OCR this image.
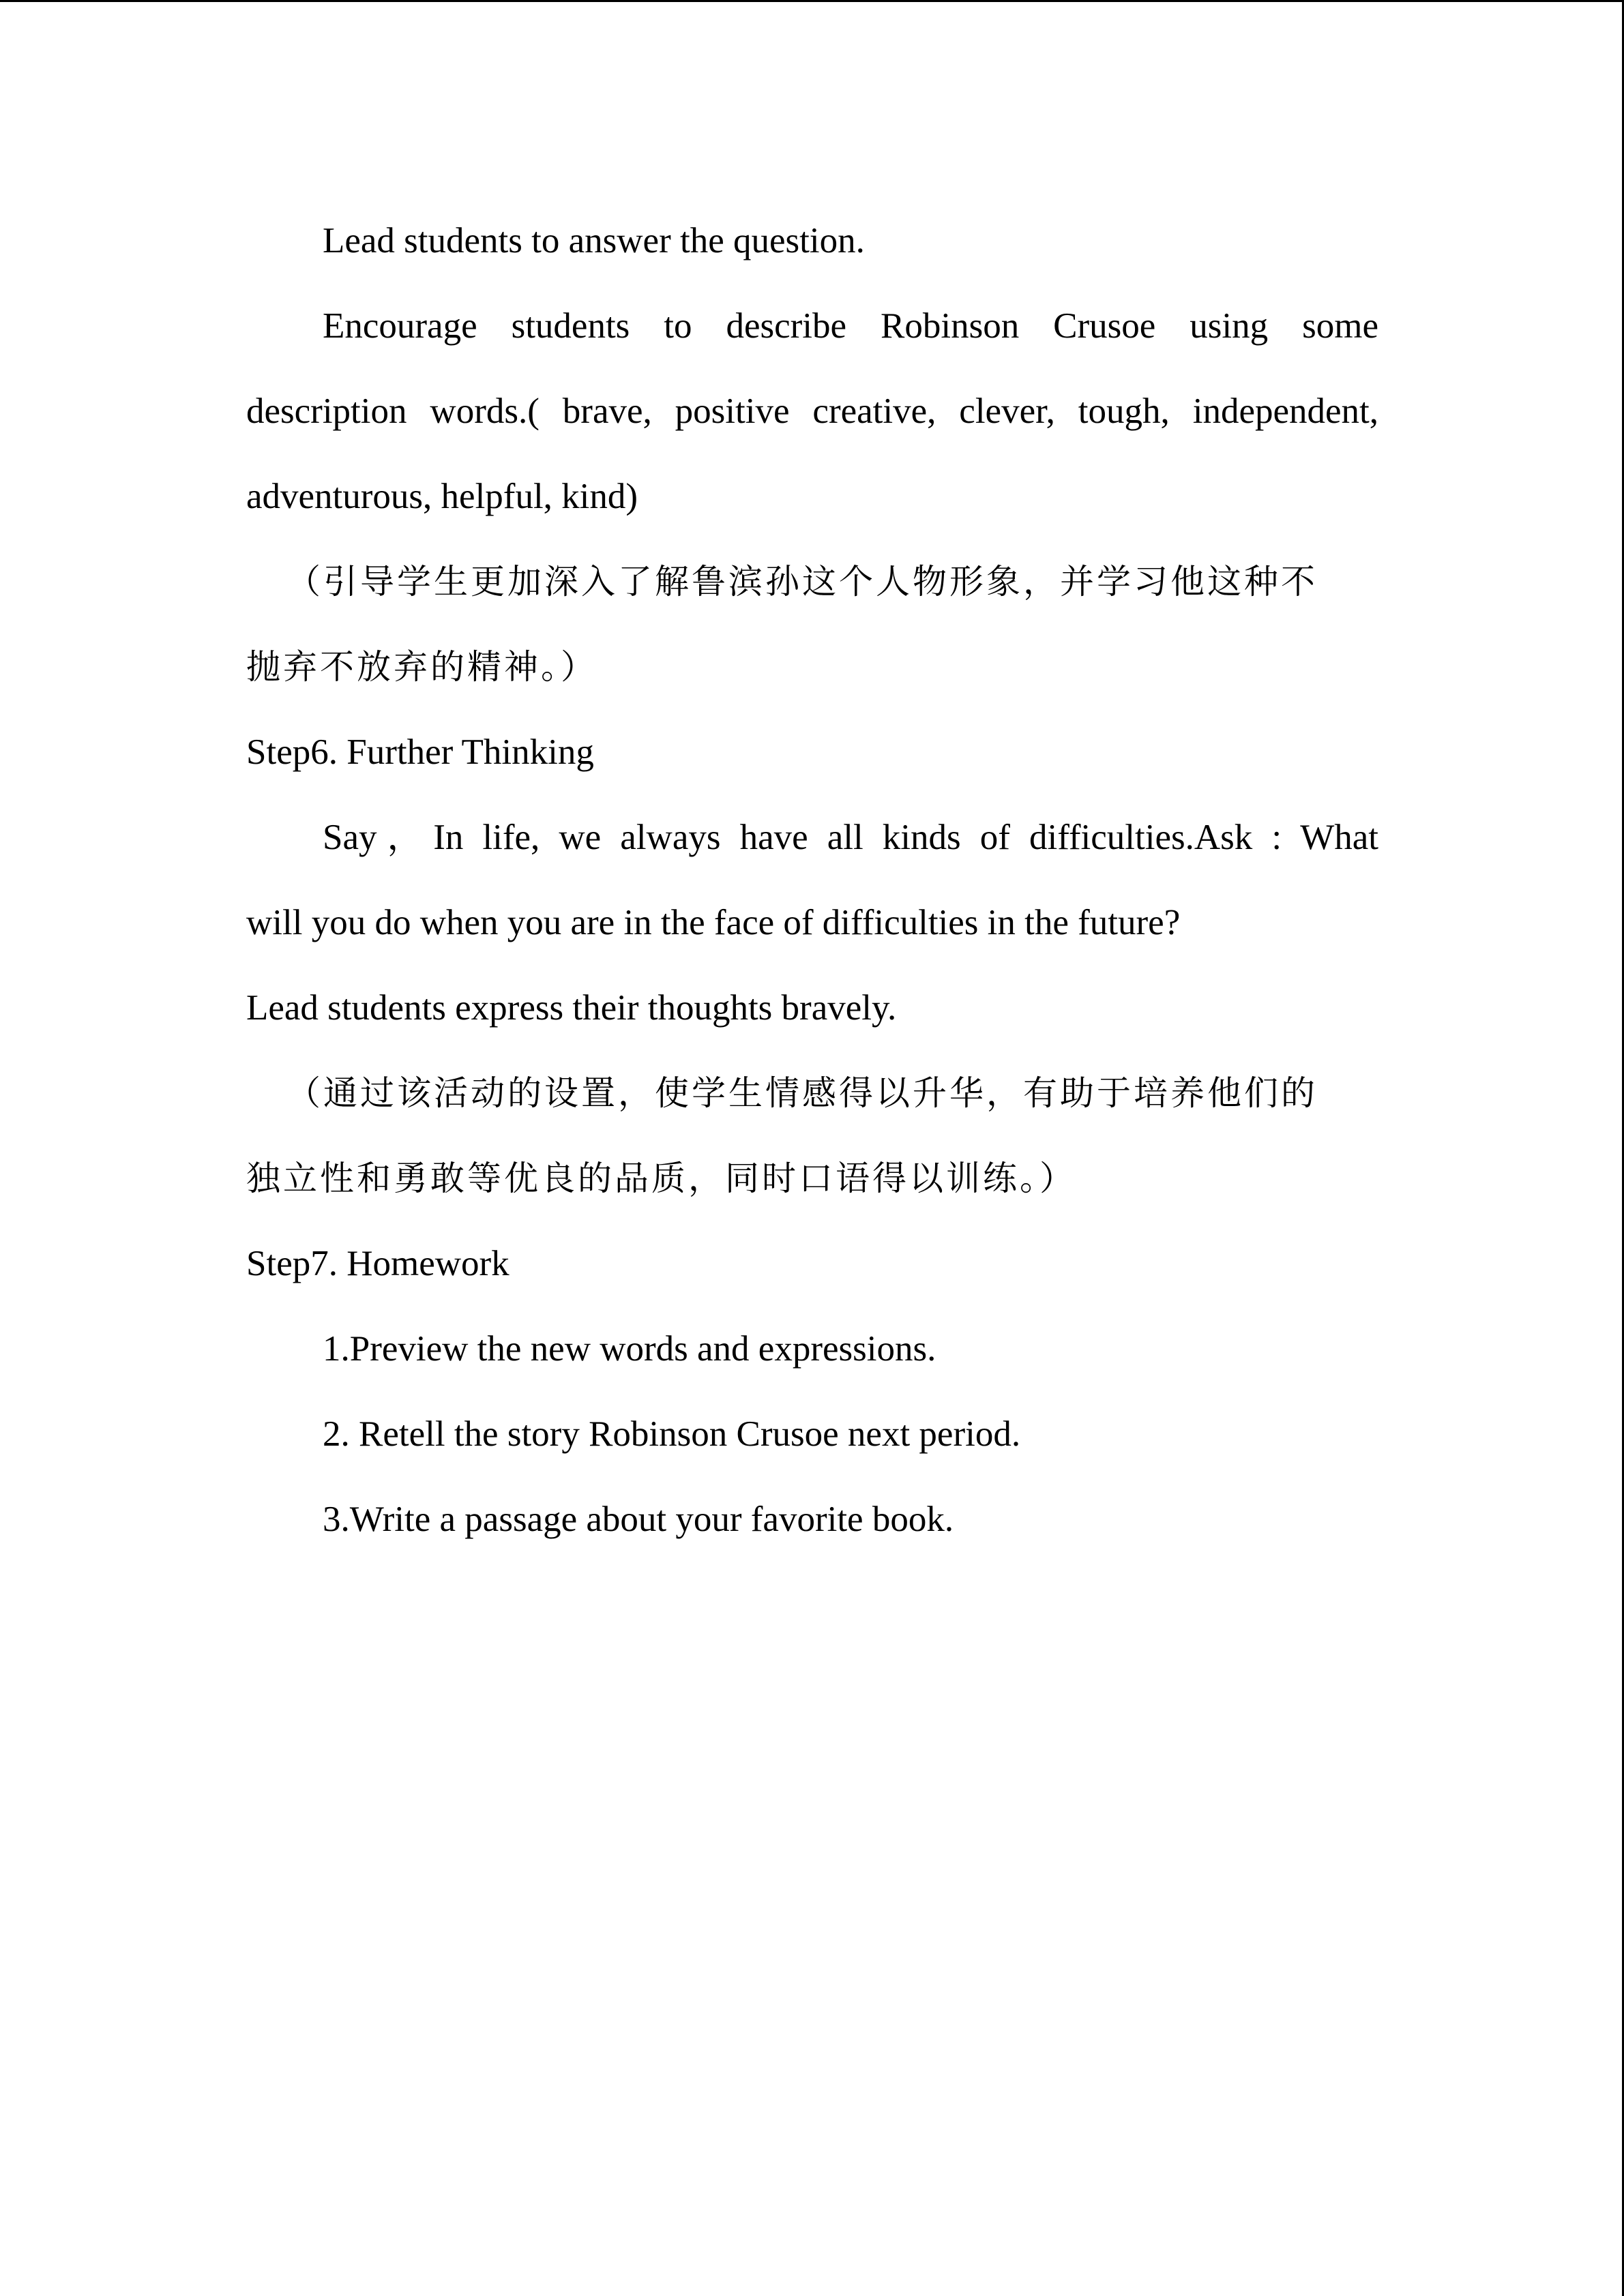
Lead students to answer the question.
Encourage students to describe Robinson Crusoe using some
description words.( brave, positive creative, clever, tough, independent,
adventurous, helpful, kind)
（引导学生更加深入了解鲁滨孙这个人物形象，并学习他这种不
抛弃不放弃的精神。）
Step6. Further Thinking
Say，In life, we always have all kinds of difficulties.Ask : What
will you do when you are in the face of difficulties in the future?
Lead students express their thoughts bravely.
（通过该活动的设置，使学生情感得以升华，有助于培养他们的
独立性和勇敢等优良的品质，同时口语得以训练。）
Step7. Homework
1.Preview the new words and expressions.
2. Retell the story Robinson Crusoe next period.
3.Write a passage about your favorite book.
